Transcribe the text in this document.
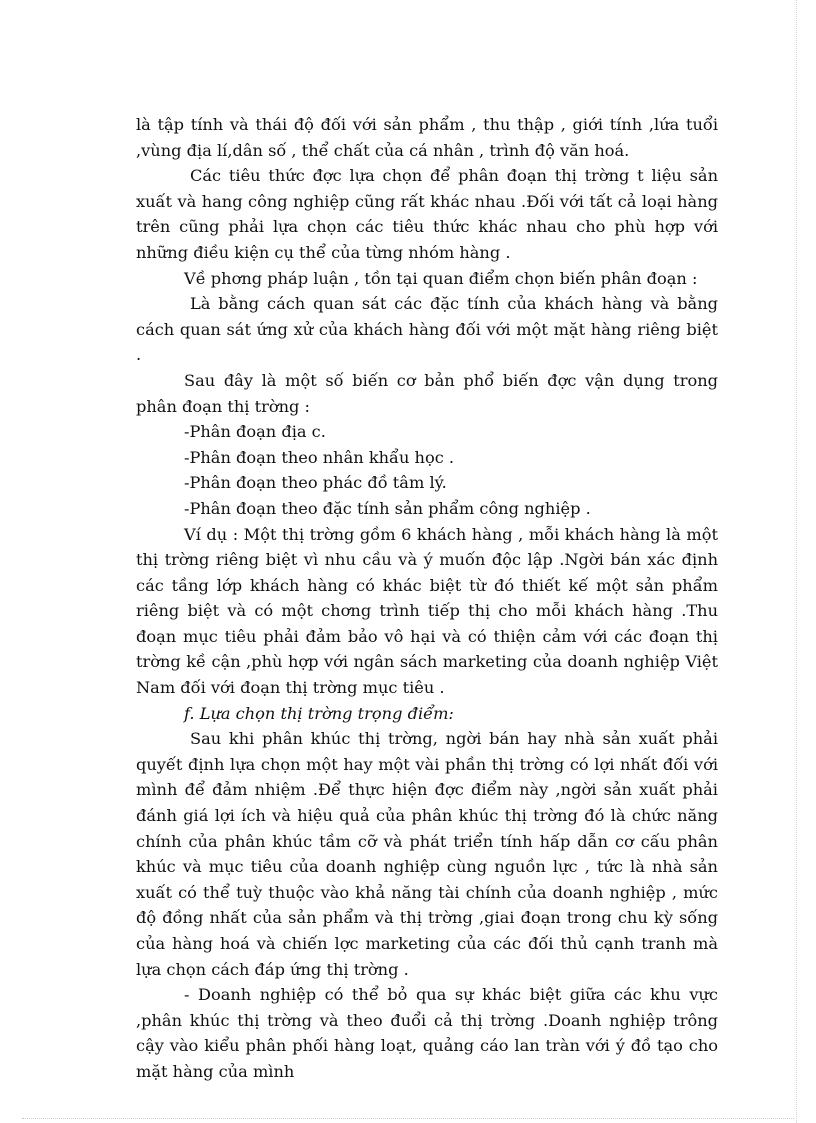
là tập tính và thái độ đối với sản phẩm , thu thập , giới tính ,lứa tuổi ,vùng địa lí,dân số , thể chất của cá nhân , trình độ văn hoá.

Các tiêu thức đợc lựa chọn để phân đoạn thị trờng t liệu sản xuất và hang công nghiệp cũng rất khác nhau .Đối với tất cả loại hàng trên cũng phải lựa chọn các tiêu thức khác nhau cho phù hợp với những điều kiện cụ thể của từng nhóm hàng .

Về phơng pháp luận , tồn tại quan điểm chọn biến phân đoạn :

Là bằng cách quan sát các đặc tính của khách hàng và bằng cách quan sát ứng xử của khách hàng đối với một mặt hàng riêng biệt .

Sau đây là một số biến cơ bản phổ biến đợc vận dụng trong phân đoạn thị trờng :

-Phân đoạn địa c.

-Phân đoạn theo nhân khẩu học .

-Phân đoạn theo phác đồ tâm lý.

-Phân đoạn theo đặc tính sản phẩm công nghiệp .

Ví dụ : Một thị trờng gồm 6 khách hàng , mỗi khách hàng là một thị trờng riêng biệt vì nhu cầu và ý muốn độc lập .Ngời bán xác định các tầng lớp khách hàng có khác biệt từ đó thiết kế một sản phẩm riêng biệt và có một chơng trình tiếp thị cho mỗi khách hàng .Thu đoạn mục tiêu phải đảm bảo vô hại và có thiện cảm với các đoạn thị trờng kề cận ,phù hợp với ngân sách marketing của doanh nghiệp Việt Nam đối với đoạn thị trờng mục tiêu .

f. Lựa chọn thị trờng trọng điểm:

Sau khi phân khúc thị trờng, ngời bán hay nhà sản xuất phải quyết định lựa chọn một hay một vài phần thị trờng có lợi nhất đối với mình để đảm nhiệm .Để thực hiện đợc điểm này ,ngời sản xuất phải đánh giá lợi ích và hiệu quả của phân khúc thị trờng đó là chức năng chính của phân khúc tầm cỡ và phát triển tính hấp dẫn cơ cấu phân khúc và mục tiêu của doanh nghiệp cùng nguồn lực , tức là nhà sản xuất có thể tuỳ thuộc vào khả năng tài chính của doanh nghiệp , mức độ đồng nhất của sản phẩm và thị trờng ,giai đoạn trong chu kỳ sống của hàng hoá và chiến lợc marketing của các đối thủ cạnh tranh mà lựa chọn cách đáp ứng thị trờng .

- Doanh nghiệp có thể bỏ qua sự khác biệt giữa các khu vực ,phân khúc thị trờng và theo đuổi cả thị trờng .Doanh nghiệp trông cậy vào kiểu phân phối hàng loạt, quảng cáo lan tràn với ý đồ tạo cho mặt hàng của mình
